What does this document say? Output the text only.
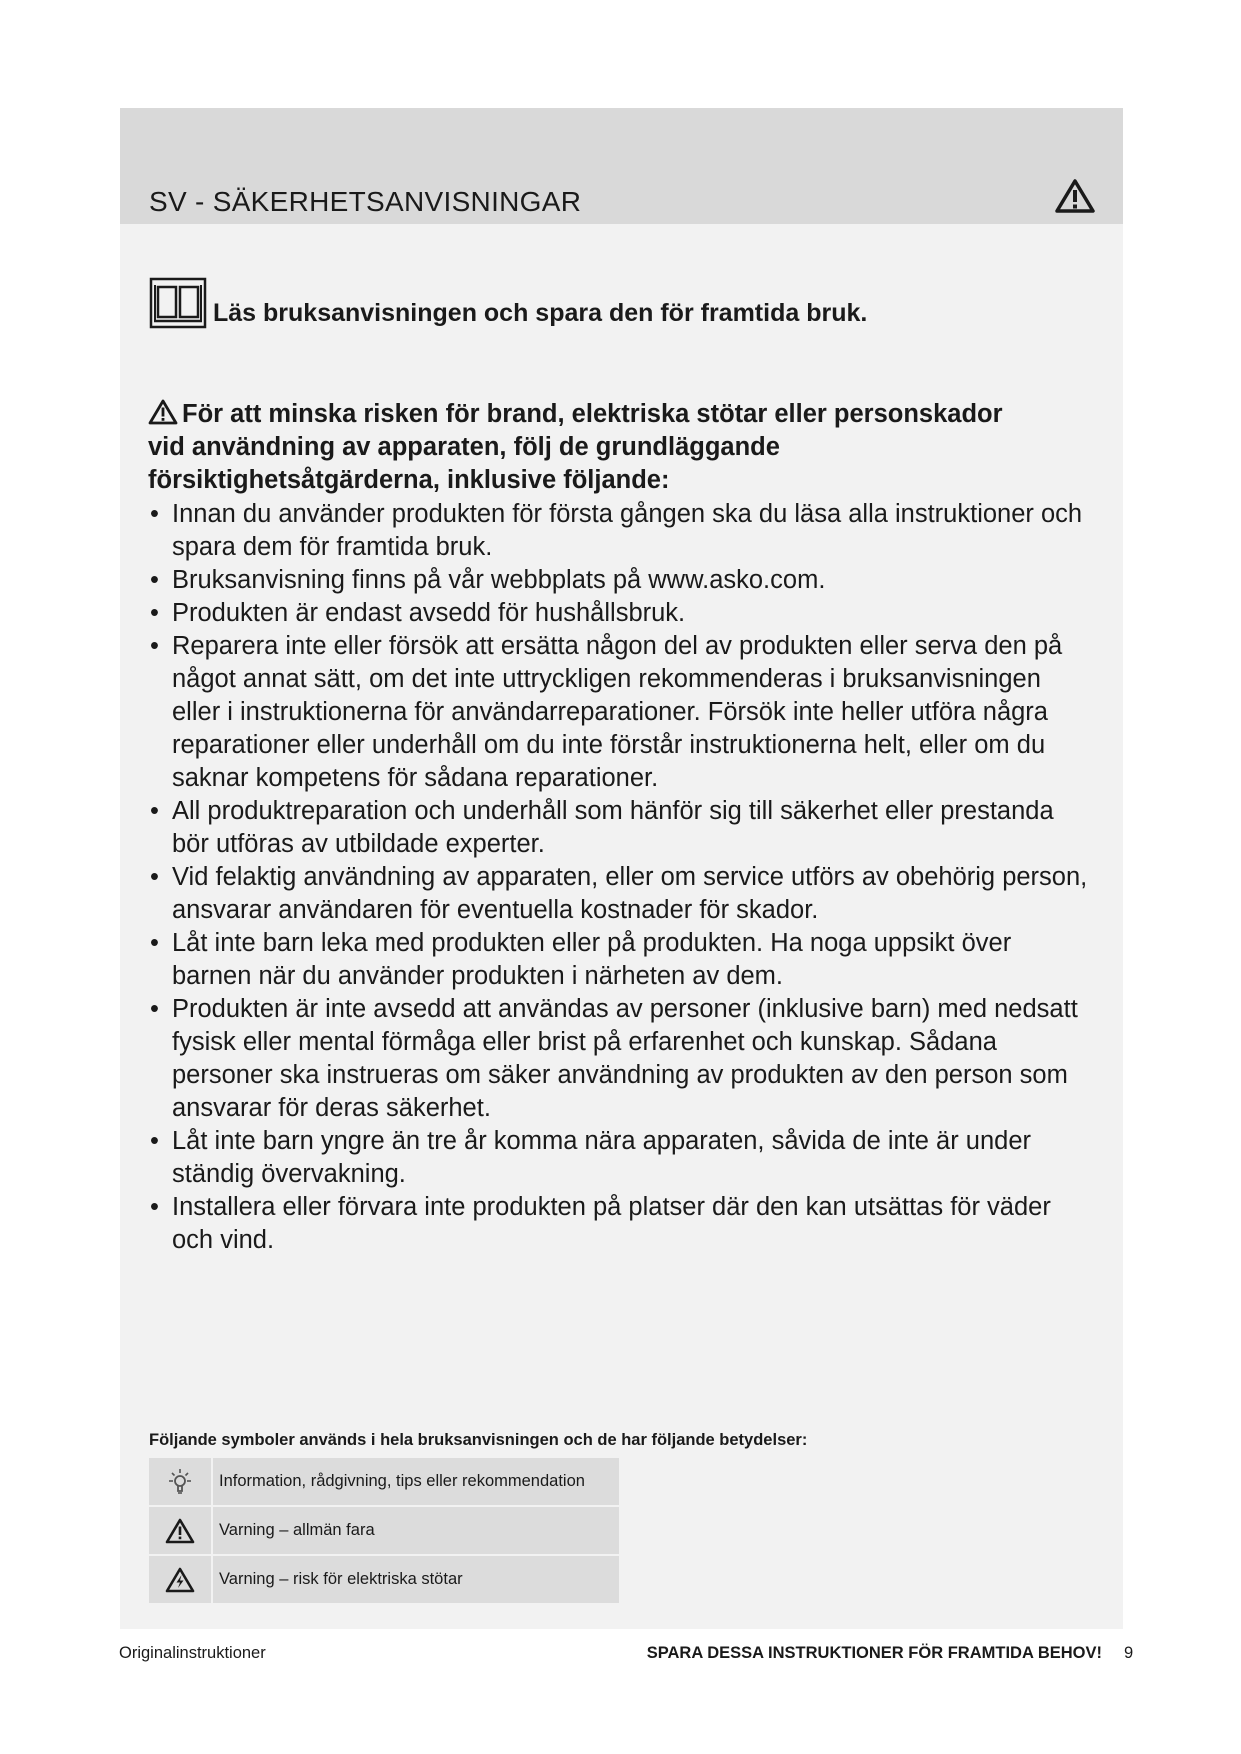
SV - SÄKERHETSANVISNINGAR
Läs bruksanvisningen och spara den för framtida bruk.
För att minska risken för brand, elektriska stötar eller personskador vid användning av apparaten, följ de grundläggande försiktighetsåtgärderna, inklusive följande:
• Innan du använder produkten för första gången ska du läsa alla instruktioner och spara dem för framtida bruk.
• Bruksanvisning finns på vår webbplats på www.asko.com.
• Produkten är endast avsedd för hushållsbruk.
• Reparera inte eller försök att ersätta någon del av produkten eller serva den på något annat sätt, om det inte uttryckligen rekommenderas i bruksanvisningen eller i instruktionerna för användarreparationer. Försök inte heller utföra några reparationer eller underhåll om du inte förstår instruktionerna helt, eller om du saknar kompetens för sådana reparationer.
• All produktreparation och underhåll som hänför sig till säkerhet eller prestanda bör utföras av utbildade experter.
• Vid felaktig användning av apparaten, eller om service utförs av obehörig person, ansvarar användaren för eventuella kostnader för skador.
• Låt inte barn leka med produkten eller på produkten. Ha noga uppsikt över barnen när du använder produkten i närheten av dem.
• Produkten är inte avsedd att användas av personer (inklusive barn) med nedsatt fysisk eller mental förmåga eller brist på erfarenhet och kunskap. Sådana personer ska instrueras om säker användning av produkten av den person som ansvarar för deras säkerhet.
• Låt inte barn yngre än tre år komma nära apparaten, såvida de inte är under ständig övervakning.
• Installera eller förvara inte produkten på platser där den kan utsättas för väder och vind.
Följande symboler används i hela bruksanvisningen och de har följande betydelser:
Information, rådgivning, tips eller rekommendation
Varning – allmän fara
Varning – risk för elektriska stötar
Originalinstruktioner	SPARA DESSA INSTRUKTIONER FÖR FRAMTIDA BEHOV! 9
